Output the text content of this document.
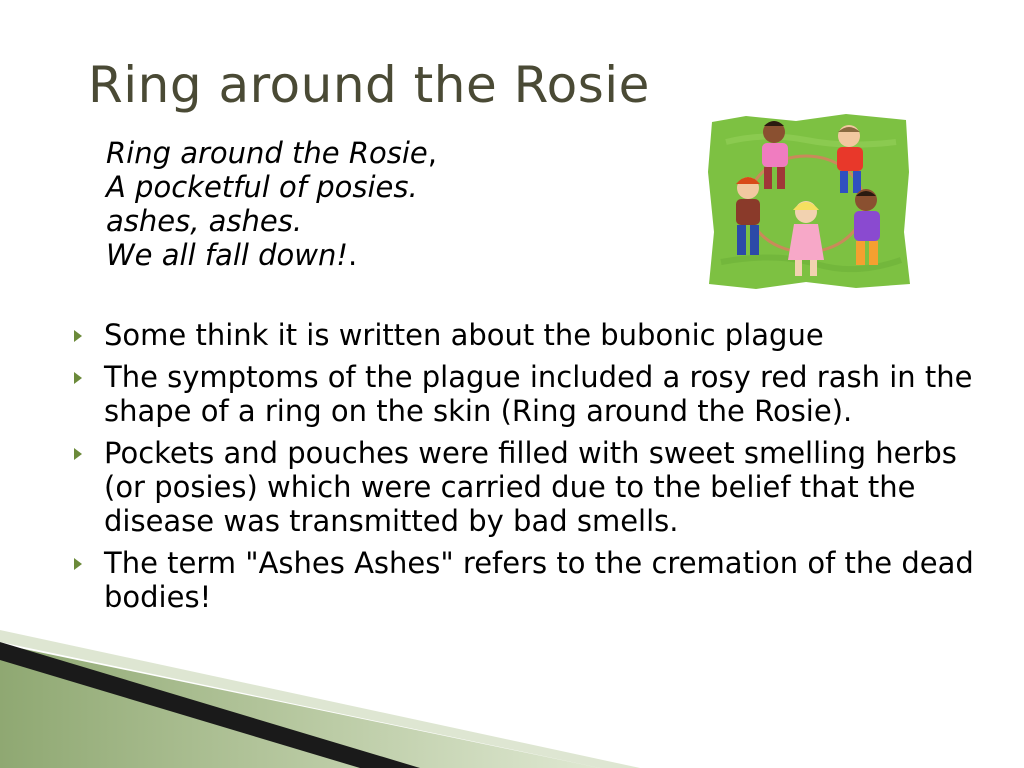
Ring around the Rosie
Ring around the Rosie,
A pocketful of posies.
ashes, ashes.
We all fall down!.
Some think it is written about the bubonic plague
The symptoms of the plague included a rosy red rash in the shape of a ring on the skin (Ring around the Rosie).
Pockets and pouches were filled with sweet smelling herbs (or posies) which were carried due to the belief that the disease was transmitted by bad smells.
The term "Ashes Ashes" refers to the cremation of the dead bodies!
